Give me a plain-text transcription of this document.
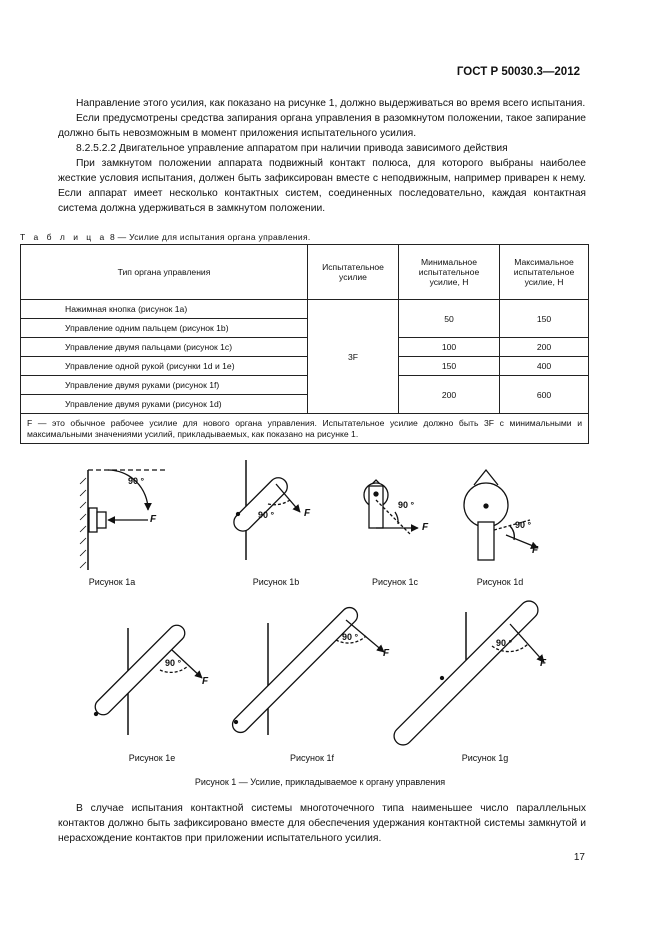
ГОСТ Р 50030.3—2012

Направление этого усилия, как показано на рисунке 1, должно выдерживаться во время всего испытания.

Если предусмотрены средства запирания органа управления в разомкнутом положении, такое запирание должно быть невозможным в момент приложения испытательного усилия.

8.2.5.2.2 Двигательное управление аппаратом при наличии привода зависимого действия

При замкнутом положении аппарата подвижный контакт полюса, для которого выбраны наиболее жесткие условия испытания, должен быть зафиксирован вместе с неподвижным, например приварен к нему. Если аппарат имеет несколько контактных систем, соединенных последовательно, каждая контактная система должна удерживаться в замкнутом положении.

Т а б л и ц а 8 — Усилие для испытания органа управления.
Тип органа управления	Испытательное усилие	Минимальное испытательное усилие, Н	Максимальное испытательное усилие, Н
Нажимная кнопка (рисунок 1а)	3F	50	150
Управление одним пальцем (рисунок 1b)			
Управление двумя пальцами (рисунок 1с)		100	200
Управление одной рукой (рисунки 1d и 1е)		150	400
Управление двумя руками (рисунок 1f)		200	600
Управление двумя руками (рисунок 1d)			
F — это обычное рабочее усилие для нового органа управления. Испытательное усилие должно быть 3F с минимальными и максимальными значениями усилий, прикладываемых, как показано на рисунке 1.			
90 °
F	90 °	F
90 °
F	90 °
F
90 °
F
90 °
F
90 °
F
Рисунок 1а	Рисунок 1b	Рисунок 1с	Рисунок 1d
Рисунок 1е	Рисунок 1f	Рисунок 1g
Рисунок 1 — Усилие, прикладываемое к органу управления

В случае испытания контактной системы многоточечного типа наименьшее число параллельных контактов должно быть зафиксировано вместе для обеспечения удержания контактной системы замкнутой и нерасхождение контактов при приложении испытательного усилия.

17
